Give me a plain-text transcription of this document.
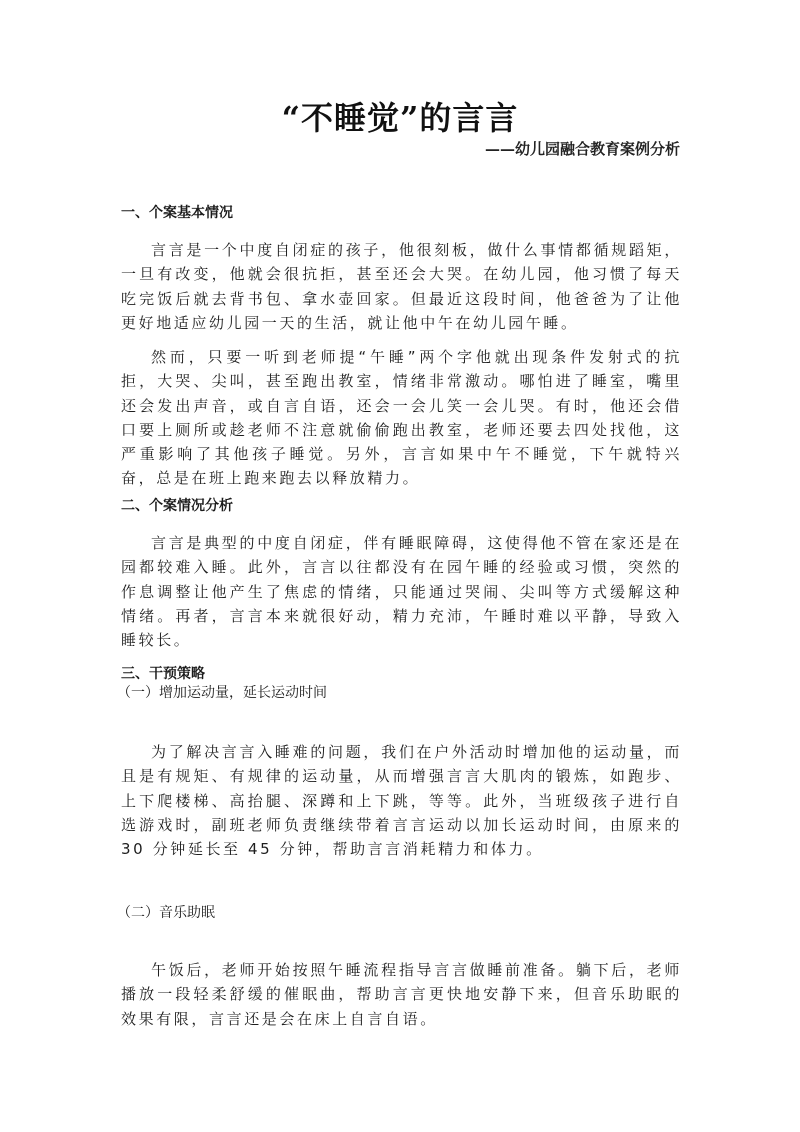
“不睡觉”的言言
——幼儿园融合教育案例分析
一、个案基本情况

言言是一个中度自闭症的孩子，他很刻板，做什么事情都循规蹈矩，一旦有改变，他就会很抗拒，甚至还会大哭。在幼儿园，他习惯了每天吃完饭后就去背书包、拿水壶回家。但最近这段时间，他爸爸为了让他更好地适应幼儿园一天的生活，就让他中午在幼儿园午睡。

然而，只要一听到老师提“午睡”两个字他就出现条件发射式的抗拒，大哭、尖叫，甚至跑出教室，情绪非常激动。哪怕进了睡室，嘴里还会发出声音，或自言自语，还会一会儿笑一会儿哭。有时，他还会借口要上厕所或趁老师不注意就偷偷跑出教室，老师还要去四处找他，这严重影响了其他孩子睡觉。另外，言言如果中午不睡觉，下午就特兴奋，总是在班上跑来跑去以释放精力。

二、个案情况分析

言言是典型的中度自闭症，伴有睡眠障碍，这使得他不管在家还是在园都较难入睡。此外，言言以往都没有在园午睡的经验或习惯，突然的作息调整让他产生了焦虑的情绪，只能通过哭闹、尖叫等方式缓解这种情绪。再者，言言本来就很好动，精力充沛，午睡时难以平静，导致入睡较长。

三、干预策略
（一）增加运动量，延长运动时间

为了解决言言入睡难的问题，我们在户外活动时增加他的运动量，而且是有规矩、有规律的运动量，从而增强言言大肌肉的锻炼，如跑步、上下爬楼梯、高抬腿、深蹲和上下跳，等等。此外，当班级孩子进行自选游戏时，副班老师负责继续带着言言运动以加长运动时间，由原来的 30 分钟延长至 45 分钟，帮助言言消耗精力和体力。

（二）音乐助眠

午饭后，老师开始按照午睡流程指导言言做睡前准备。躺下后，老师播放一段轻柔舒缓的催眠曲，帮助言言更快地安静下来，但音乐助眠的效果有限，言言还是会在床上自言自语。
